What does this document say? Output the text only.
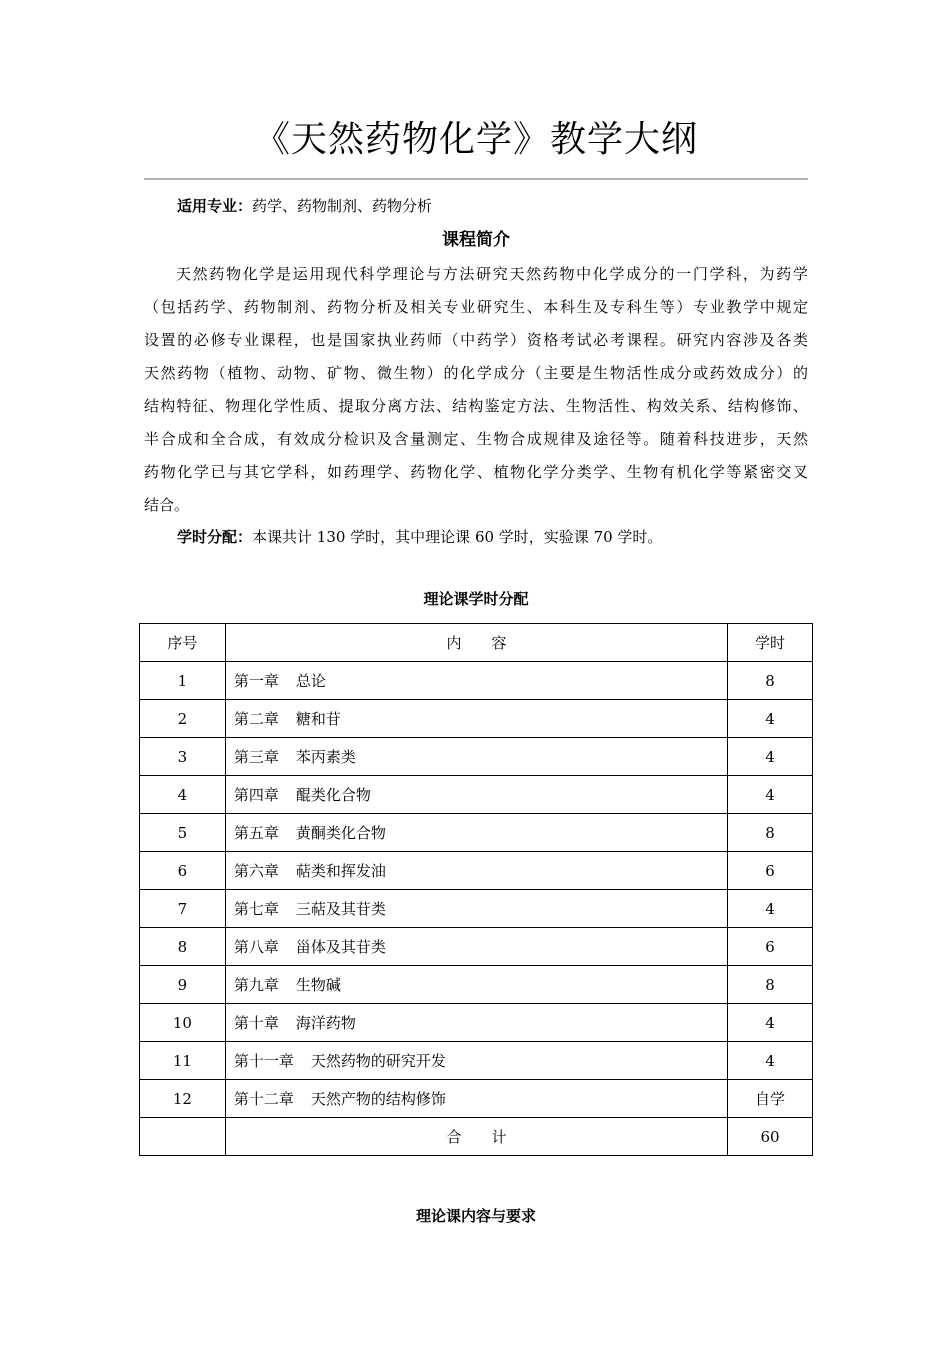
《天然药物化学》教学大纲
适用专业：药学、药物制剂、药物分析
课程简介
天 然 药 物 化 学 是 运 用 现 代 科 学 理 论 与 方 法 研 究 天 然 药 物 中 化 学 成 分 的 一 门 学 科 ， 为 药 学
（ 包 括 药 学 、 药 物 制 剂 、 药 物 分 析 及 相 关 专 业 研 究 生 、 本 科 生 及 专 科 生 等 ） 专 业 教 学 中 规 定
设 置 的 必 修 专 业 课 程 ， 也 是 国 家 执 业 药 师 （ 中 药 学 ） 资 格 考 试 必 考 课 程 。 研 究 内 容 涉 及 各 类
天 然 药 物 （ 植 物 、 动 物 、 矿 物 、 微 生 物 ） 的 化 学 成 分 （ 主 要 是 生 物 活 性 成 分 或 药 效 成 分 ） 的
结 构 特 征 、 物 理 化 学 性 质 、 提 取 分 离 方 法 、 结 构 鉴 定 方 法 、 生 物 活 性 、 构 效 关 系 、 结 构 修 饰 、
半 合 成 和 全 合 成 ， 有 效 成 分 检 识 及 含 量 测 定 、 生 物 合 成 规 律 及 途 径 等 。 随 着 科 技 进 步 ， 天 然
药 物 化 学 已 与 其 它 学 科 ， 如 药 理 学 、 药 物 化 学 、 植 物 化 学 分 类 学 、 生 物 有 机 化 学 等 紧 密 交 叉
结合。
学时分配：本课共计 130 学时，其中理论课 60 学时，实验课 70 学时。
理论课学时分配
序号	内　　容	学时
1	第一章 总论	8
2	第二章 糖和苷	4
3	第三章 苯丙素类	4
4	第四章 醌类化合物	4
5	第五章 黄酮类化合物	8
6	第六章 萜类和挥发油	6
7	第七章 三萜及其苷类	4
8	第八章 甾体及其苷类	6
9	第九章 生物碱	8
10	第十章 海洋药物	4
11	第十一章 天然药物的研究开发	4
12	第十二章 天然产物的结构修饰	自学
	合　　计	60
理论课内容与要求
